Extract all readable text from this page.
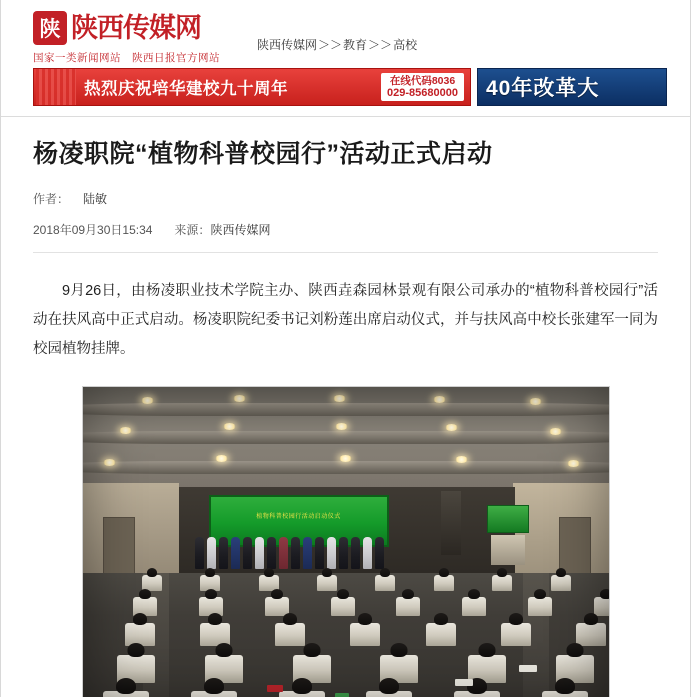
陕 陕西传媒网
国家一类新闻网站　陕西日报官方网站
陕西传媒网＞＞教育＞＞高校
热烈庆祝培华建校九十周年	在线代码8036
029-85680000 40年改革大
杨凌职院“植物科普校园行”活动正式启动
作者： 陆敏
2018年09月30日15:34 来源：陕西传媒网

9月26日，由杨凌职业技术学院主办、陕西垚森园林景观有限公司承办的“植物科普校园行”活动在扶风高中正式启动。杨凌职院纪委书记刘粉莲出席启动仪式，并与扶风高中校长张建军一同为校园植物挂牌。

植物科普校园行活动启动仪式
